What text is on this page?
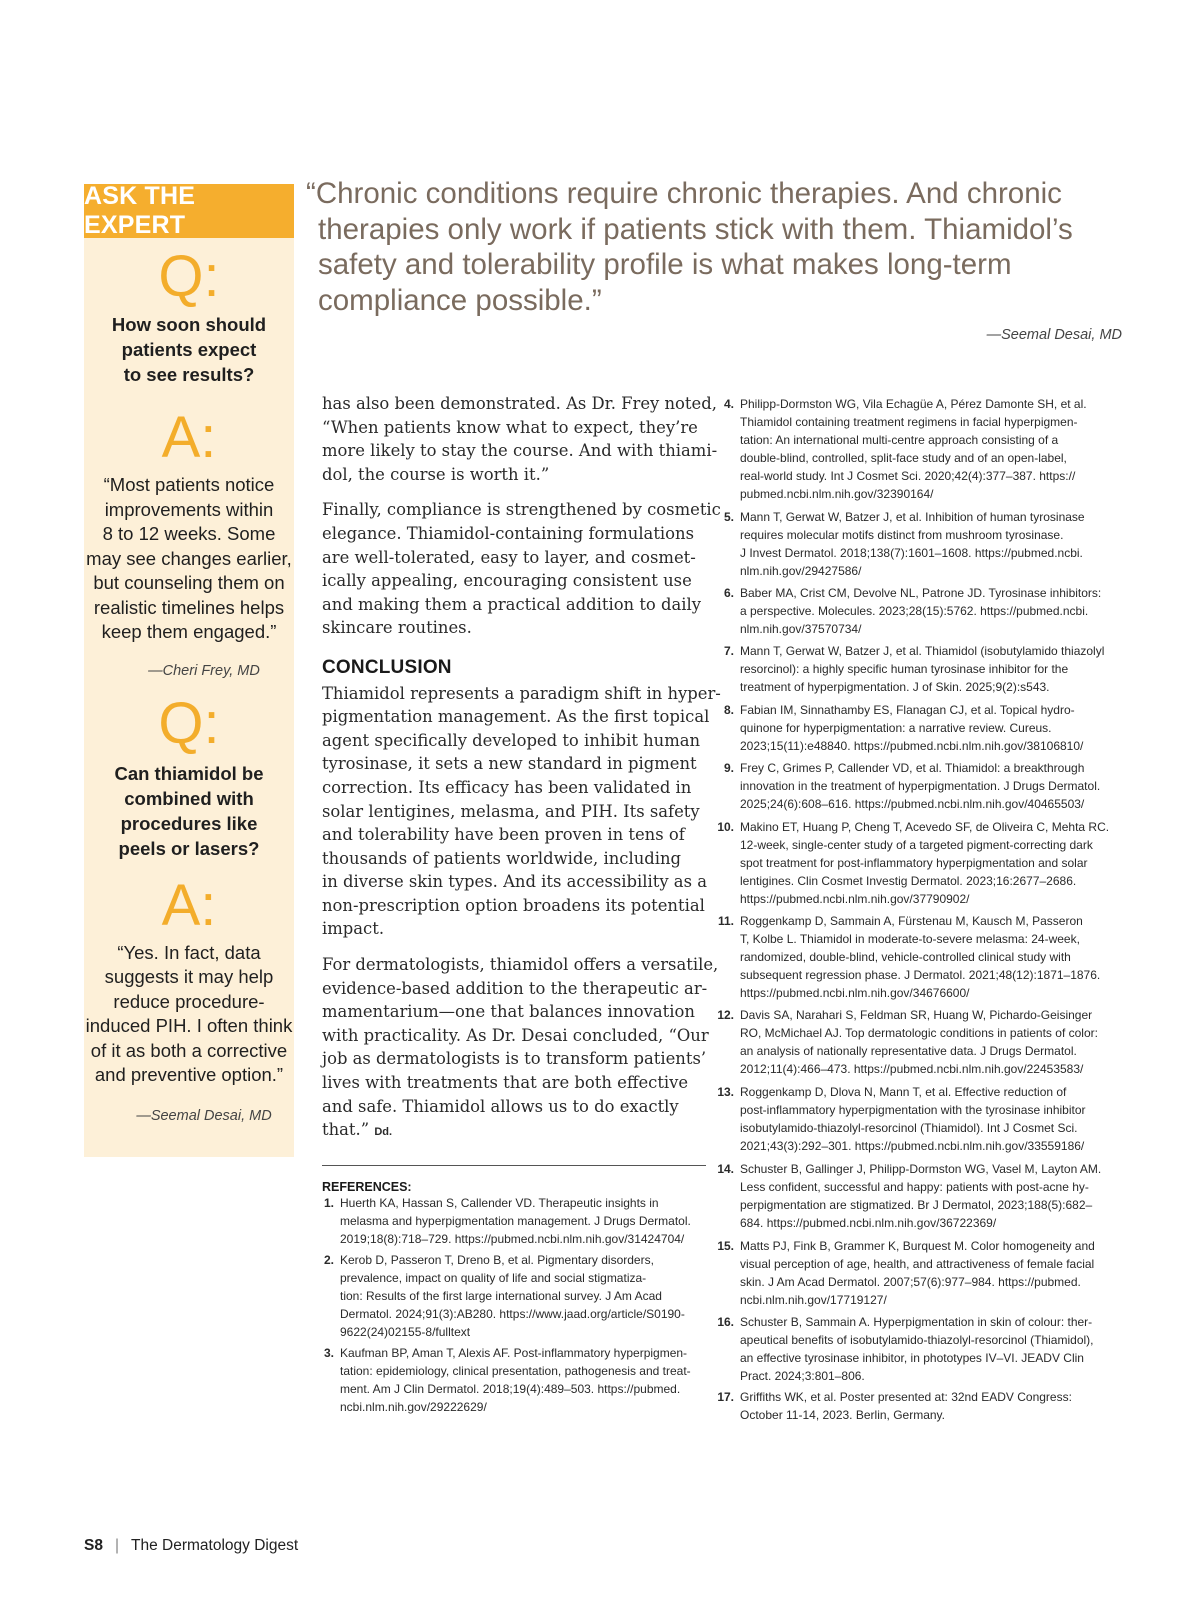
ASK THE EXPERT
Q:
How soon should
patients expect
to see results?
A:
“Most patients notice
improvements within
8 to 12 weeks. Some
may see changes earlier,
but counseling them on
realistic timelines helps
keep them engaged.”
—Cheri Frey, MD
Q:
Can thiamidol be
combined with
procedures like
peels or lasers?
A:
“Yes. In fact, data
suggests it may help
reduce procedure-
induced PIH. I often think
of it as both a corrective
and preventive option.”
—Seemal Desai, MD
“Chronic conditions require chronic therapies. And chronic
therapies only work if patients stick with them. Thiamidol’s
safety and tolerability profile is what makes long-term
compliance possible.”
—Seemal Desai, MD

has also been demonstrated. As Dr. Frey noted,
“When patients know what to expect, they’re
more likely to stay the course. And with thiami-
dol, the course is worth it.”

Finally, compliance is strengthened by cosmetic
elegance. Thiamidol-containing formulations
are well-tolerated, easy to layer, and cosmet-
ically appealing, encouraging consistent use
and making them a practical addition to daily
skincare routines.

CONCLUSION

Thiamidol represents a paradigm shift in hyper-
pigmentation management. As the first topical
agent specifically developed to inhibit human
tyrosinase, it sets a new standard in pigment
correction. Its efficacy has been validated in
solar lentigines, melasma, and PIH. Its safety
and tolerability have been proven in tens of
thousands of patients worldwide, including
in diverse skin types. And its accessibility as a
non-prescription option broadens its potential
impact.

For dermatologists, thiamidol offers a versatile,
evidence-based addition to the therapeutic ar-
mamentarium—one that balances innovation
with practicality. As Dr. Desai concluded, “Our
job as dermatologists is to transform patients’
lives with treatments that are both effective
and safe. Thiamidol allows us to do exactly
that.” Dd.

REFERENCES:
1. Huerth KA, Hassan S, Callender VD. Therapeutic insights in
melasma and hyperpigmentation management. J Drugs Dermatol.
2019;18(8):718–729. https://pubmed.ncbi.nlm.nih.gov/31424704/
2. Kerob D, Passeron T, Dreno B, et al. Pigmentary disorders,
prevalence, impact on quality of life and social stigmatiza-
tion: Results of the first large international survey. J Am Acad
Dermatol. 2024;91(3):AB280. https://www.jaad.org/article/S0190-
9622(24)02155-8/fulltext
3. Kaufman BP, Aman T, Alexis AF. Post-inflammatory hyperpigmen-
tation: epidemiology, clinical presentation, pathogenesis and treat-
ment. Am J Clin Dermatol. 2018;19(4):489–503. https://pubmed.
ncbi.nlm.nih.gov/29222629/
4. Philipp-Dormston WG, Vila Echagüe A, Pérez Damonte SH, et al.
Thiamidol containing treatment regimens in facial hyperpigmen-
tation: An international multi-centre approach consisting of a
double-blind, controlled, split-face study and of an open-label,
real-world study. Int J Cosmet Sci. 2020;42(4):377–387. https://
pubmed.ncbi.nlm.nih.gov/32390164/
5. Mann T, Gerwat W, Batzer J, et al. Inhibition of human tyrosinase
requires molecular motifs distinct from mushroom tyrosinase.
J Invest Dermatol. 2018;138(7):1601–1608. https://pubmed.ncbi.
nlm.nih.gov/29427586/
6. Baber MA, Crist CM, Devolve NL, Patrone JD. Tyrosinase inhibitors:
a perspective. Molecules. 2023;28(15):5762. https://pubmed.ncbi.
nlm.nih.gov/37570734/
7. Mann T, Gerwat W, Batzer J, et al. Thiamidol (isobutylamido thiazolyl
resorcinol): a highly specific human tyrosinase inhibitor for the
treatment of hyperpigmentation. J of Skin. 2025;9(2):s543.
8. Fabian IM, Sinnathamby ES, Flanagan CJ, et al. Topical hydro-
quinone for hyperpigmentation: a narrative review. Cureus.
2023;15(11):e48840. https://pubmed.ncbi.nlm.nih.gov/38106810/
9. Frey C, Grimes P, Callender VD, et al. Thiamidol: a breakthrough
innovation in the treatment of hyperpigmentation. J Drugs Dermatol.
2025;24(6):608–616. https://pubmed.ncbi.nlm.nih.gov/40465503/
10. Makino ET, Huang P, Cheng T, Acevedo SF, de Oliveira C, Mehta RC.
12-week, single-center study of a targeted pigment-correcting dark
spot treatment for post-inflammatory hyperpigmentation and solar
lentigines. Clin Cosmet Investig Dermatol. 2023;16:2677–2686.
https://pubmed.ncbi.nlm.nih.gov/37790902/
11. Roggenkamp D, Sammain A, Fürstenau M, Kausch M, Passeron
T, Kolbe L. Thiamidol in moderate-to-severe melasma: 24-week,
randomized, double-blind, vehicle-controlled clinical study with
subsequent regression phase. J Dermatol. 2021;48(12):1871–1876.
https://pubmed.ncbi.nlm.nih.gov/34676600/
12. Davis SA, Narahari S, Feldman SR, Huang W, Pichardo-Geisinger
RO, McMichael AJ. Top dermatologic conditions in patients of color:
an analysis of nationally representative data. J Drugs Dermatol.
2012;11(4):466–473. https://pubmed.ncbi.nlm.nih.gov/22453583/
13. Roggenkamp D, Dlova N, Mann T, et al. Effective reduction of
post-inflammatory hyperpigmentation with the tyrosinase inhibitor
isobutylamido-thiazolyl-resorcinol (Thiamidol). Int J Cosmet Sci.
2021;43(3):292–301. https://pubmed.ncbi.nlm.nih.gov/33559186/
14. Schuster B, Gallinger J, Philipp-Dormston WG, Vasel M, Layton AM.
Less confident, successful and happy: patients with post-acne hy-
perpigmentation are stigmatized. Br J Dermatol, 2023;188(5):682–
684. https://pubmed.ncbi.nlm.nih.gov/36722369/
15. Matts PJ, Fink B, Grammer K, Burquest M. Color homogeneity and
visual perception of age, health, and attractiveness of female facial
skin. J Am Acad Dermatol. 2007;57(6):977–984. https://pubmed.
ncbi.nlm.nih.gov/17719127/
16. Schuster B, Sammain A. Hyperpigmentation in skin of colour: ther-
apeutical benefits of isobutylamido-thiazolyl-resorcinol (Thiamidol),
an effective tyrosinase inhibitor, in phototypes IV–VI. JEADV Clin
Pract. 2024;3:801–806.
17. Griffiths WK, et al. Poster presented at: 32nd EADV Congress:
October 11-14, 2023. Berlin, Germany.
S8 | The Dermatology Digest
